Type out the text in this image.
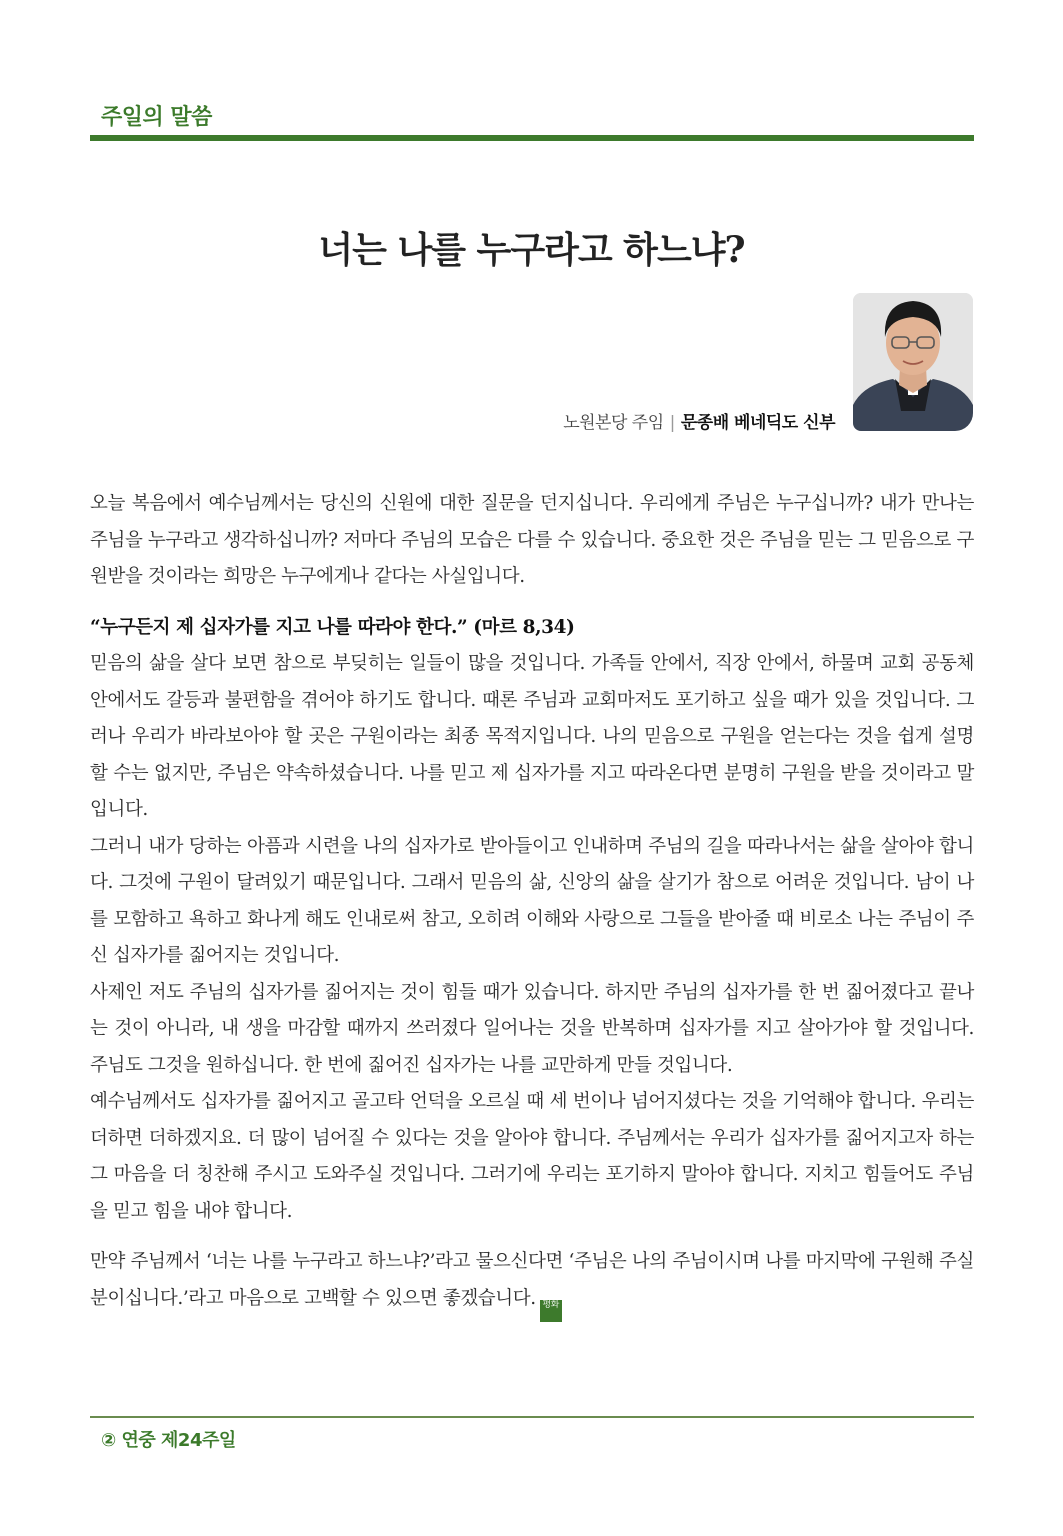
주일의 말씀
너는 나를 누구라고 하느냐?
노원본당 주임 | 문종배 베네딕도 신부

오늘 복음에서 예수님께서는 당신의 신원에 대한 질문을 던지십니다. 우리에게 주님은 누구십니까? 내가 만나는 주님을 누구라고 생각하십니까? 저마다 주님의 모습은 다를 수 있습니다. 중요한 것은 주님을 믿는 그 믿음으로 구원받을 것이라는 희망은 누구에게나 같다는 사실입니다.

“누구든지 제 십자가를 지고 나를 따라야 한다.” (마르 8,34)

믿음의 삶을 살다 보면 참으로 부딪히는 일들이 많을 것입니다. 가족들 안에서, 직장 안에서, 하물며 교회 공동체 안에서도 갈등과 불편함을 겪어야 하기도 합니다. 때론 주님과 교회마저도 포기하고 싶을 때가 있을 것입니다. 그러나 우리가 바라보아야 할 곳은 구원이라는 최종 목적지입니다. 나의 믿음으로 구원을 얻는다는 것을 쉽게 설명할 수는 없지만, 주님은 약속하셨습니다. 나를 믿고 제 십자가를 지고 따라온다면 분명히 구원을 받을 것이라고 말입니다.

그러니 내가 당하는 아픔과 시련을 나의 십자가로 받아들이고 인내하며 주님의 길을 따라나서는 삶을 살아야 합니다. 그것에 구원이 달려있기 때문입니다. 그래서 믿음의 삶, 신앙의 삶을 살기가 참으로 어려운 것입니다. 남이 나를 모함하고 욕하고 화나게 해도 인내로써 참고, 오히려 이해와 사랑으로 그들을 받아줄 때 비로소 나는 주님이 주신 십자가를 짊어지는 것입니다.

사제인 저도 주님의 십자가를 짊어지는 것이 힘들 때가 있습니다. 하지만 주님의 십자가를 한 번 짊어졌다고 끝나는 것이 아니라, 내 생을 마감할 때까지 쓰러졌다 일어나는 것을 반복하며 십자가를 지고 살아가야 할 것입니다. 주님도 그것을 원하십니다. 한 번에 짊어진 십자가는 나를 교만하게 만들 것입니다.

예수님께서도 십자가를 짊어지고 골고타 언덕을 오르실 때 세 번이나 넘어지셨다는 것을 기억해야 합니다. 우리는 더하면 더하겠지요. 더 많이 넘어질 수 있다는 것을 알아야 합니다. 주님께서는 우리가 십자가를 짊어지고자 하는 그 마음을 더 칭찬해 주시고 도와주실 것입니다. 그러기에 우리는 포기하지 말아야 합니다. 지치고 힘들어도 주님을 믿고 힘을 내야 합니다.

만약 주님께서 ‘너는 나를 누구라고 하느냐?’라고 물으신다면 ‘주님은 나의 주님이시며 나를 마지막에 구원해 주실 분이십니다.’라고 마음으로 고백할 수 있으면 좋겠습니다. 평화

② 연중 제24주일
